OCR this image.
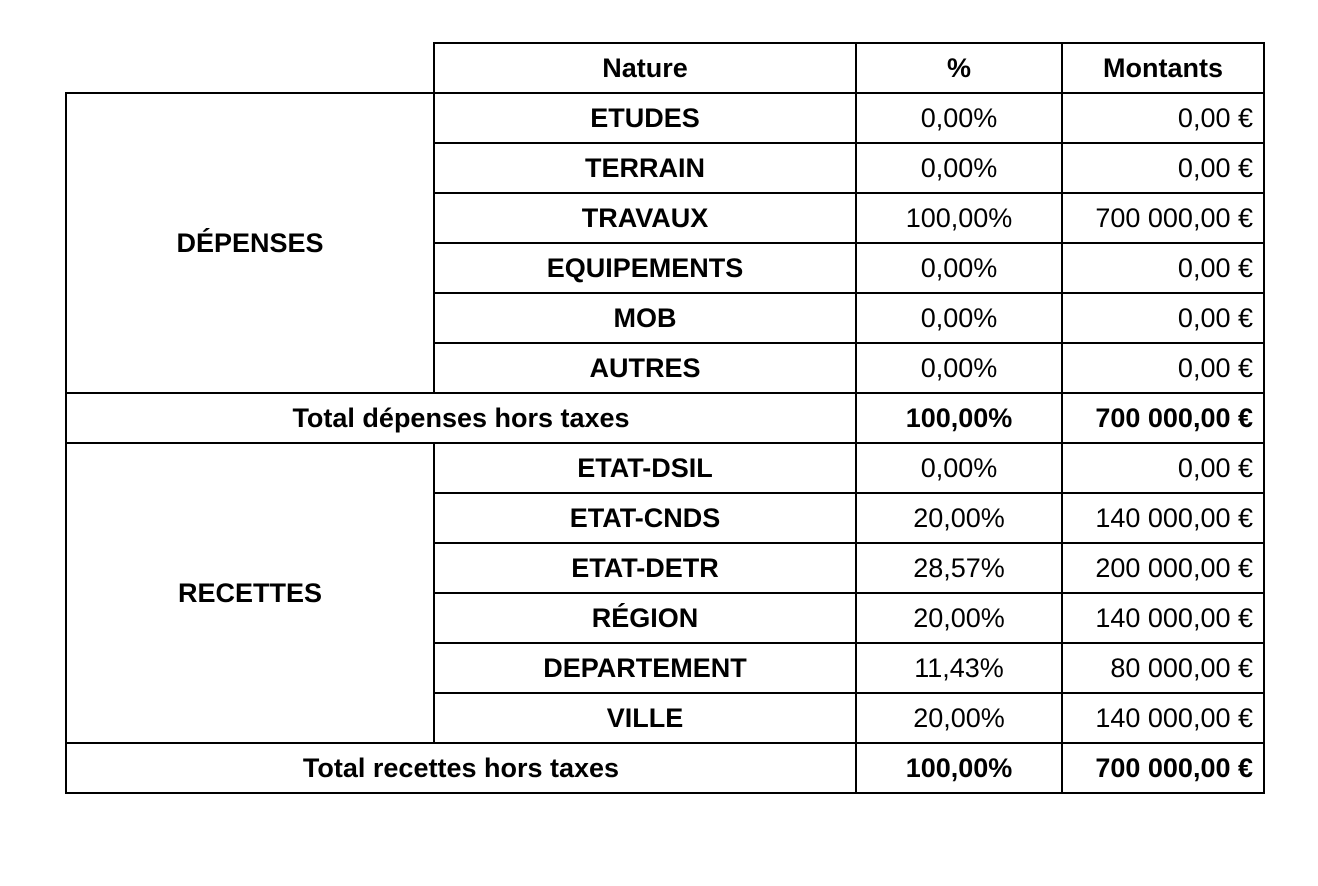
	Nature	%	Montants
DÉPENSES	ETUDES	0,00%	0,00 €
	TERRAIN	0,00%	0,00 €
	TRAVAUX	100,00%	700 000,00 €
	EQUIPEMENTS	0,00%	0,00 €
	MOB	0,00%	0,00 €
	AUTRES	0,00%	0,00 €
Total dépenses hors taxes		100,00%	700 000,00 €
RECETTES	ETAT-DSIL	0,00%	0,00 €
	ETAT-CNDS	20,00%	140 000,00 €
	ETAT-DETR	28,57%	200 000,00 €
	RÉGION	20,00%	140 000,00 €
	DEPARTEMENT	11,43%	80 000,00 €
	VILLE	20,00%	140 000,00 €
Total recettes hors taxes		100,00%	700 000,00 €
